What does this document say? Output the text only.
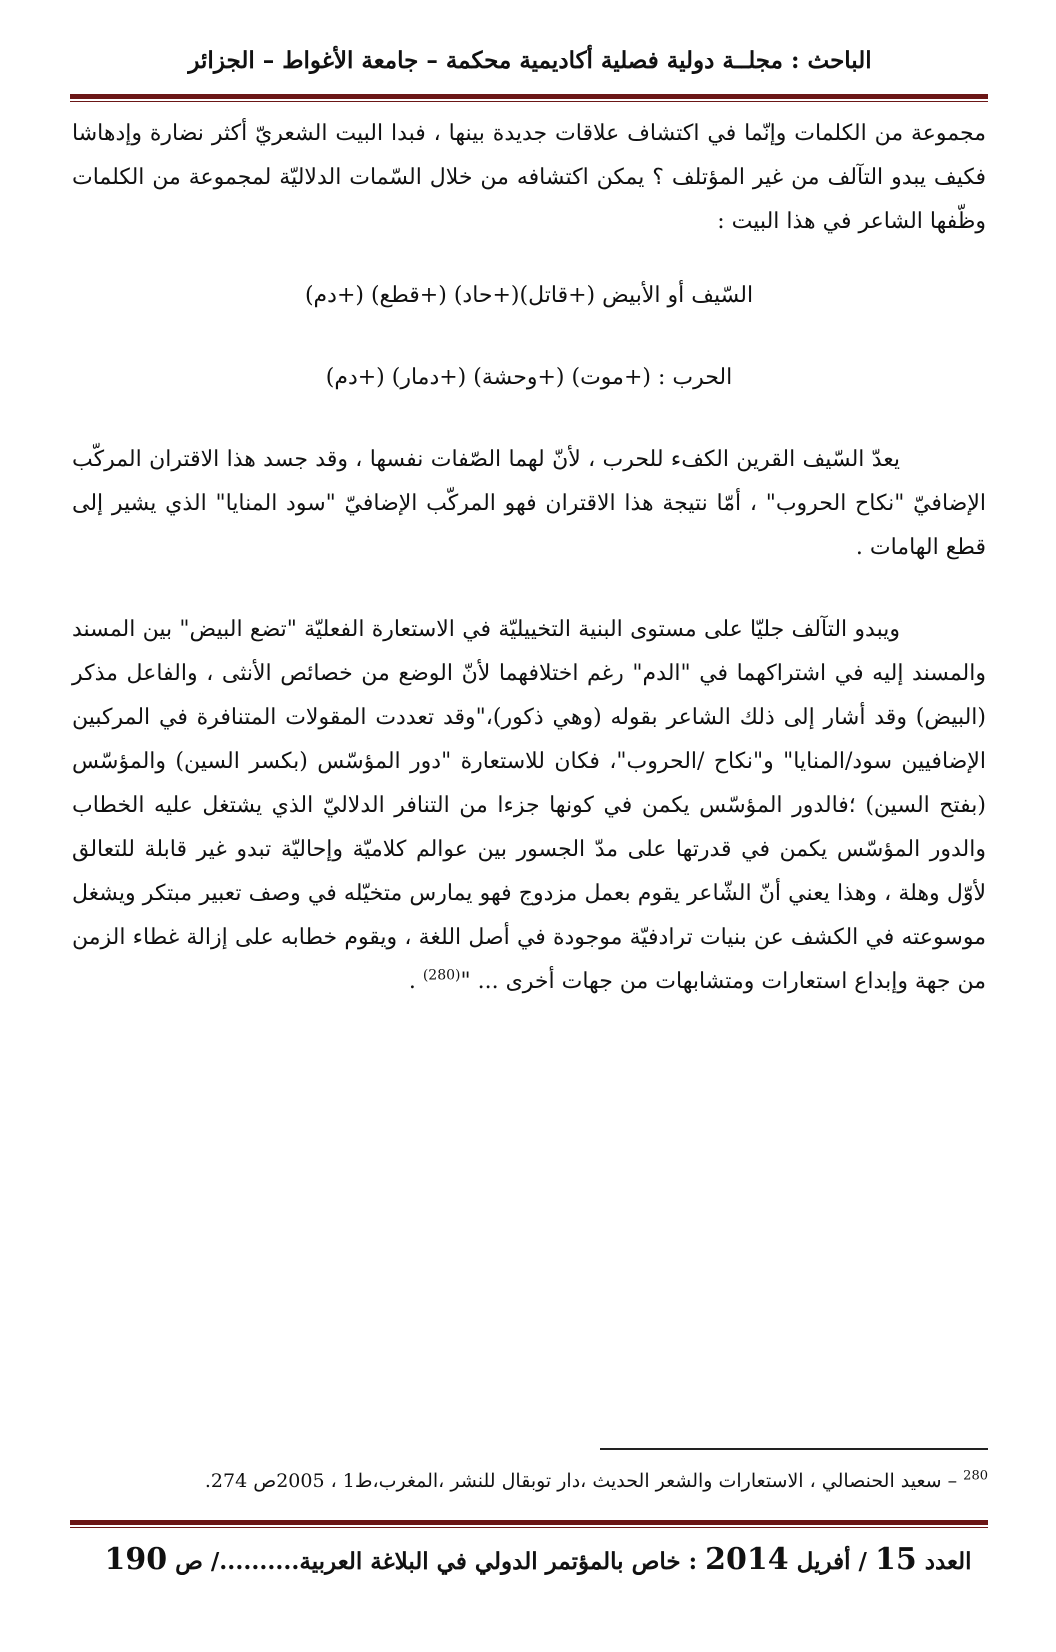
الباحث : مجلــة دولية فصلية أكاديمية محكمة – جامعة الأغواط – الجزائر

مجموعة من الكلمات وإنّما في اكتشاف علاقات جديدة بينها ، فبدا البيت الشعريّ أكثر نضارة وإدهاشا فكيف يبدو التآلف من غير المؤتلف ؟ يمكن اكتشافه من خلال السّمات الدلاليّة لمجموعة من الكلمات وظّفها الشاعر في هذا البيت :

السّيف أو الأبيض (+قاتل)(+حاد) (+قطع) (+دم)

الحرب : (+موت) (+وحشة) (+دمار) (+دم)

يعدّ السّيف القرين الكفء للحرب ، لأنّ لهما الصّفات نفسها ، وقد جسد هذا الاقتران المركّب الإضافيّ "نكاح الحروب" ، أمّا نتيجة هذا الاقتران فهو المركّب الإضافيّ "سود المنايا" الذي يشير إلى قطع الهامات .

ويبدو التآلف جليّا على مستوى البنية التخييليّة في الاستعارة الفعليّة "تضع البيض" بين المسند والمسند إليه في اشتراكهما في "الدم" رغم اختلافهما لأنّ الوضع من خصائص الأنثى ، والفاعل مذكر (البيض) وقد أشار إلى ذلك الشاعر بقوله (وهي ذكور)،"وقد تعددت المقولات المتنافرة في المركبين الإضافيين سود/المنايا" و"نكاح /الحروب"، فكان للاستعارة "دور المؤسّس (بكسر السين) والمؤسّس (بفتح السين) ؛فالدور المؤسّس يكمن في كونها جزءا من التنافر الدلاليّ الذي يشتغل عليه الخطاب والدور المؤسّس يكمن في قدرتها على مدّ الجسور بين عوالم كلاميّة وإحاليّة تبدو غير قابلة للتعالق لأوّل وهلة ، وهذا يعني أنّ الشّاعر يقوم بعمل مزدوج فهو يمارس متخيّله في وصف تعبير مبتكر ويشغل موسوعته في الكشف عن بنيات ترادفيّة موجودة في أصل اللغة ، ويقوم خطابه على إزالة غطاء الزمن من جهة وإبداع استعارات ومتشابهات من جهات أخرى ... "$^{(280)}$ .

$^{280}$ – سعيد الحنصالي ، الاستعارات والشعر الحديث ،دار توبقال للنشر ،المغرب،ط1 ، 2005ص 274.
العدد 15 / أفريل 2014 : خاص بالمؤتمر الدولي في البلاغة العربية........../ ص 190
